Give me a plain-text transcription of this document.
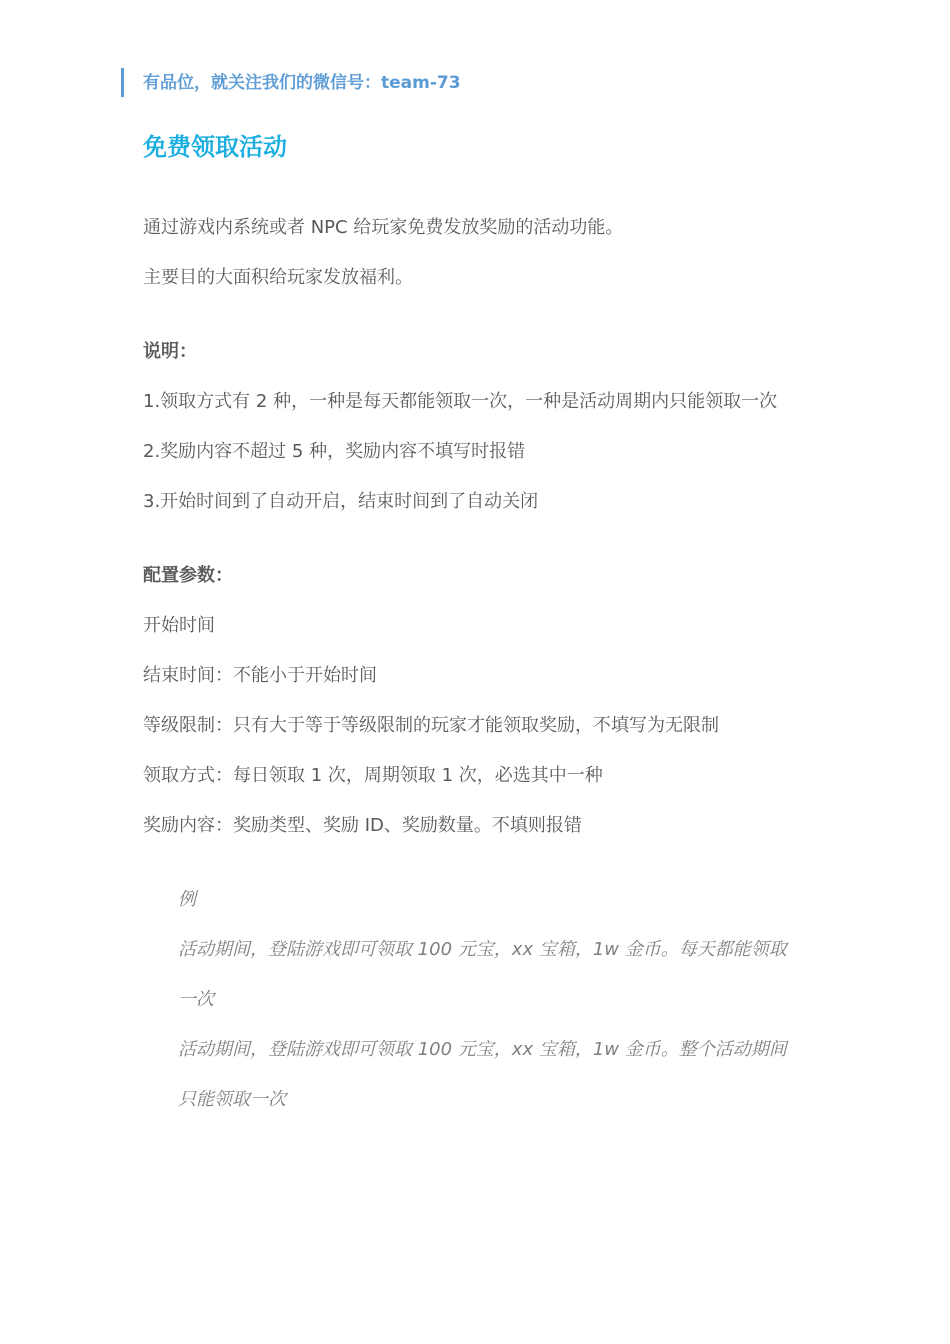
有品位，就关注我们的微信号：team-73
免费领取活动
通过游戏内系统或者 NPC 给玩家免费发放奖励的活动功能。
主要目的大面积给玩家发放福利。
说明：
1.领取方式有 2 种，一种是每天都能领取一次，一种是活动周期内只能领取一次
2.奖励内容不超过 5 种，奖励内容不填写时报错
3.开始时间到了自动开启，结束时间到了自动关闭
配置参数：
开始时间
结束时间：不能小于开始时间
等级限制：只有大于等于等级限制的玩家才能领取奖励，不填写为无限制
领取方式：每日领取 1 次，周期领取 1 次，必选其中一种
奖励内容：奖励类型、奖励 ID、奖励数量。不填则报错
例
活动期间，登陆游戏即可领取 100 元宝，xx 宝箱，1w 金币。每天都能领取
一次
活动期间，登陆游戏即可领取 100 元宝，xx 宝箱，1w 金币。整个活动期间
只能领取一次
